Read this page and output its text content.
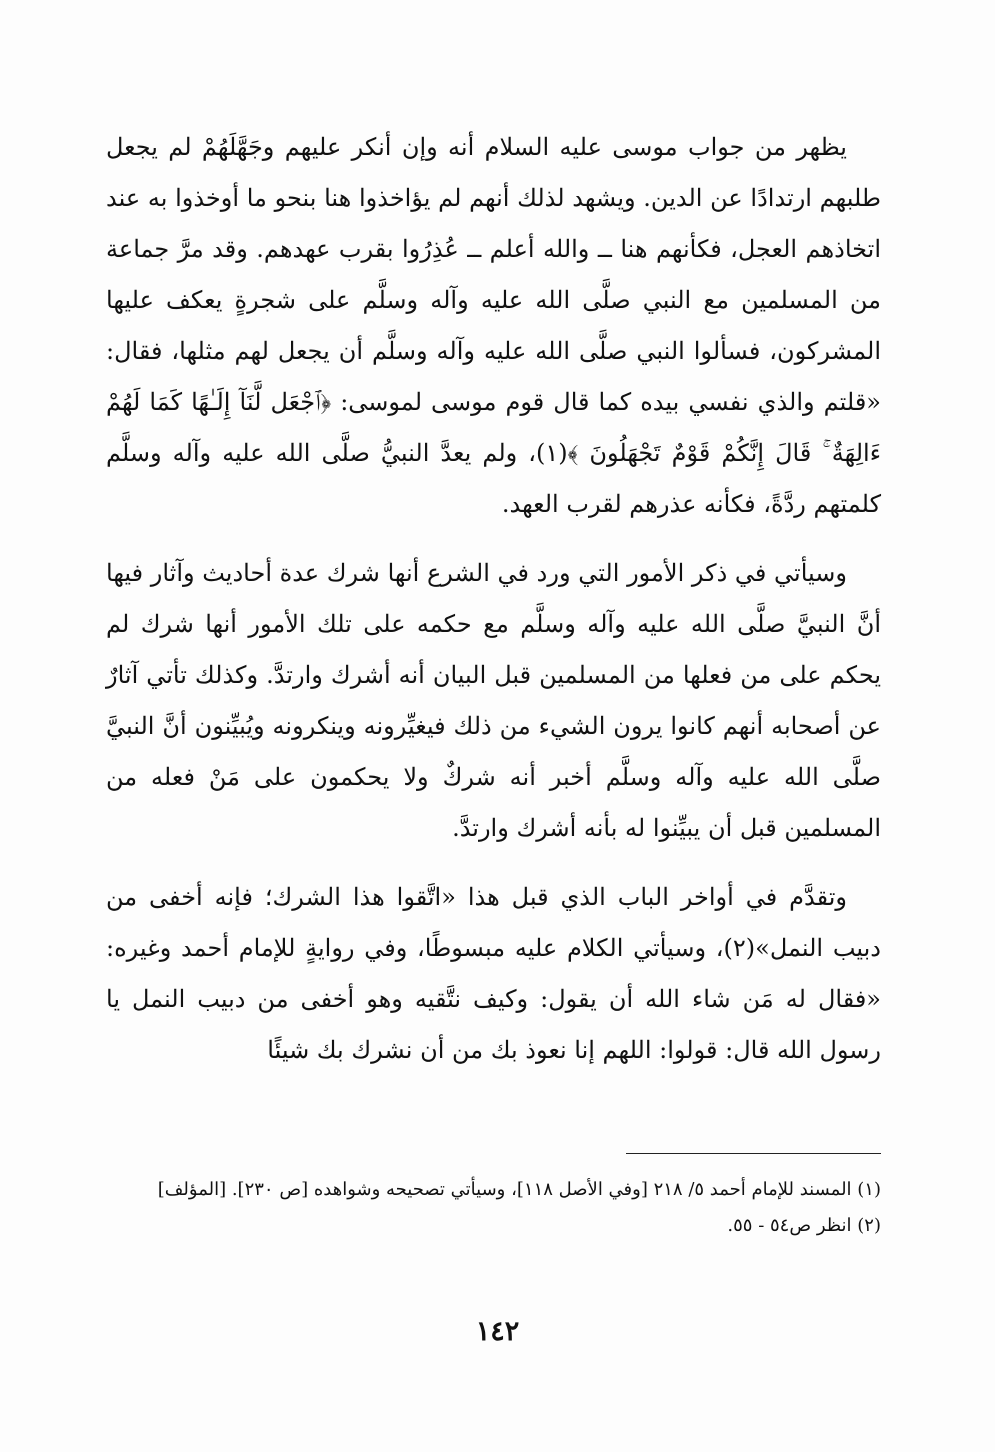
يظهر من جواب موسى عليه السلام أنه وإن أنكر عليهم وجَهَّلَهُمْ لم يجعل طلبهم ارتدادًا عن الدين. ويشهد لذلك أنهم لم يؤاخذوا هنا بنحو ما أوخذوا به عند اتخاذهم العجل، فكأنهم هنا ــ والله أعلم ــ عُذِرُوا بقرب عهدهم. وقد مرَّ جماعة من المسلمين مع النبي صلَّى الله عليه وآله وسلَّم على شجرةٍ يعكف عليها المشركون، فسألوا النبي صلَّى الله عليه وآله وسلَّم أن يجعل لهم مثلها، فقال: «قلتم والذي نفسي بيده كما قال قوم موسى لموسى: ﴿ٱجْعَل لَّنَآ إِلَـٰهًا كَمَا لَهُمْ ءَالِهَةٌ ۚ قَالَ إِنَّكُمْ قَوْمٌ تَجْهَلُونَ ﴾(١)، ولم يعدَّ النبيُّ صلَّى الله عليه وآله وسلَّم كلمتهم ردَّةً، فكأنه عذرهم لقرب العهد.

وسيأتي في ذكر الأمور التي ورد في الشرع أنها شرك عدة أحاديث وآثار فيها أنَّ النبيَّ صلَّى الله عليه وآله وسلَّم مع حكمه على تلك الأمور أنها شرك لم يحكم على من فعلها من المسلمين قبل البيان أنه أشرك وارتدَّ. وكذلك تأتي آثارٌ عن أصحابه أنهم كانوا يرون الشيء من ذلك فيغيِّرونه وينكرونه ويُبيِّنون أنَّ النبيَّ صلَّى الله عليه وآله وسلَّم أخبر أنه شركٌ ولا يحكمون على مَنْ فعله من المسلمين قبل أن يبيِّنوا له بأنه أشرك وارتدَّ.

وتقدَّم في أواخر الباب الذي قبل هذا «اتَّقوا هذا الشرك؛ فإنه أخفى من دبيب النمل»(٢)، وسيأتي الكلام عليه مبسوطًا، وفي روايةٍ للإمام أحمد وغيره: «فقال له مَن شاء الله أن يقول: وكيف نتَّقيه وهو أخفى من دبيب النمل يا رسول الله قال: قولوا: اللهم إنا نعوذ بك من أن نشرك بك شيئًا

(١) المسند للإمام أحمد ٥/ ٢١٨ [وفي الأصل ١١٨]، وسيأتي تصحيحه وشواهده [ص ٢٣٠]. [المؤلف]

(٢) انظر ص٥٤ - ٥٥.

١٤٢
